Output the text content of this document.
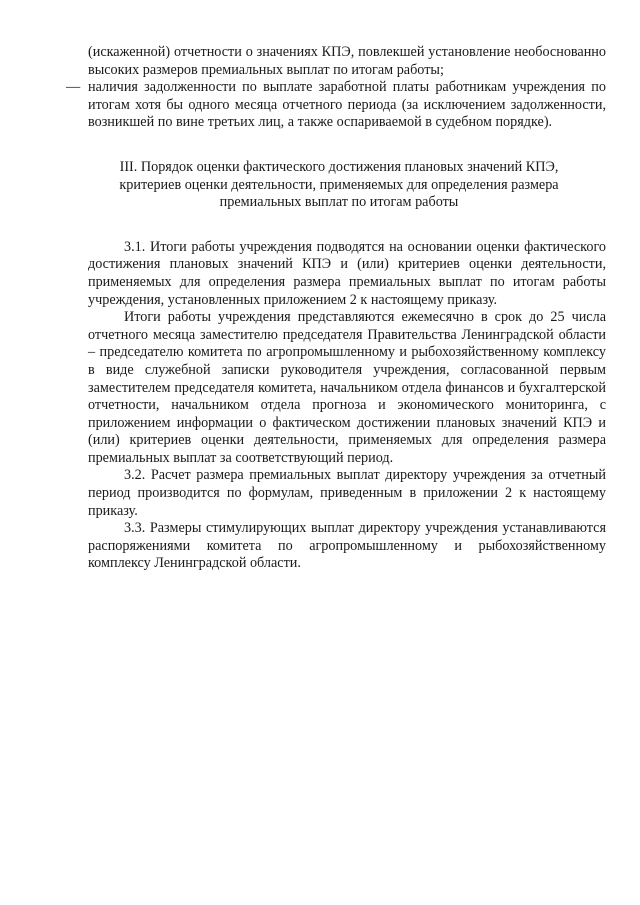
(искаженной) отчетности о значениях КПЭ, повлекшей установление необоснованно высоких размеров премиальных выплат по итогам работы;

— наличия задолженности по выплате заработной платы работникам учреждения по итогам хотя бы одного месяца отчетного периода (за исключением задолженности, возникшей по вине третьих лиц, а также оспариваемой в судебном порядке).
III. Порядок оценки фактического достижения плановых значений КПЭ,
критериев оценки деятельности, применяемых для определения размера
премиальных выплат по итогам работы

3.1. Итоги работы учреждения подводятся на основании оценки фактического достижения плановых значений КПЭ и (или) критериев оценки деятельности, применяемых для определения размера премиальных выплат по итогам работы учреждения, установленных приложением 2 к настоящему приказу.

Итоги работы учреждения представляются ежемесячно в срок до 25 числа отчетного месяца заместителю председателя Правительства Ленинградской области – председателю комитета по агропромышленному и рыбохозяйственному комплексу в виде служебной записки руководителя учреждения, согласованной первым заместителем председателя комитета, начальником отдела финансов и бухгалтерской отчетности, начальником отдела прогноза и экономического мониторинга, с приложением информации о фактическом достижении плановых значений КПЭ и (или) критериев оценки деятельности, применяемых для определения размера премиальных выплат за соответствующий период.

3.2. Расчет размера премиальных выплат директору учреждения за отчетный период производится по формулам, приведенным в приложении 2 к настоящему приказу.

3.3. Размеры стимулирующих выплат директору учреждения устанавливаются распоряжениями комитета по агропромышленному и рыбохозяйственному комплексу Ленинградской области.
